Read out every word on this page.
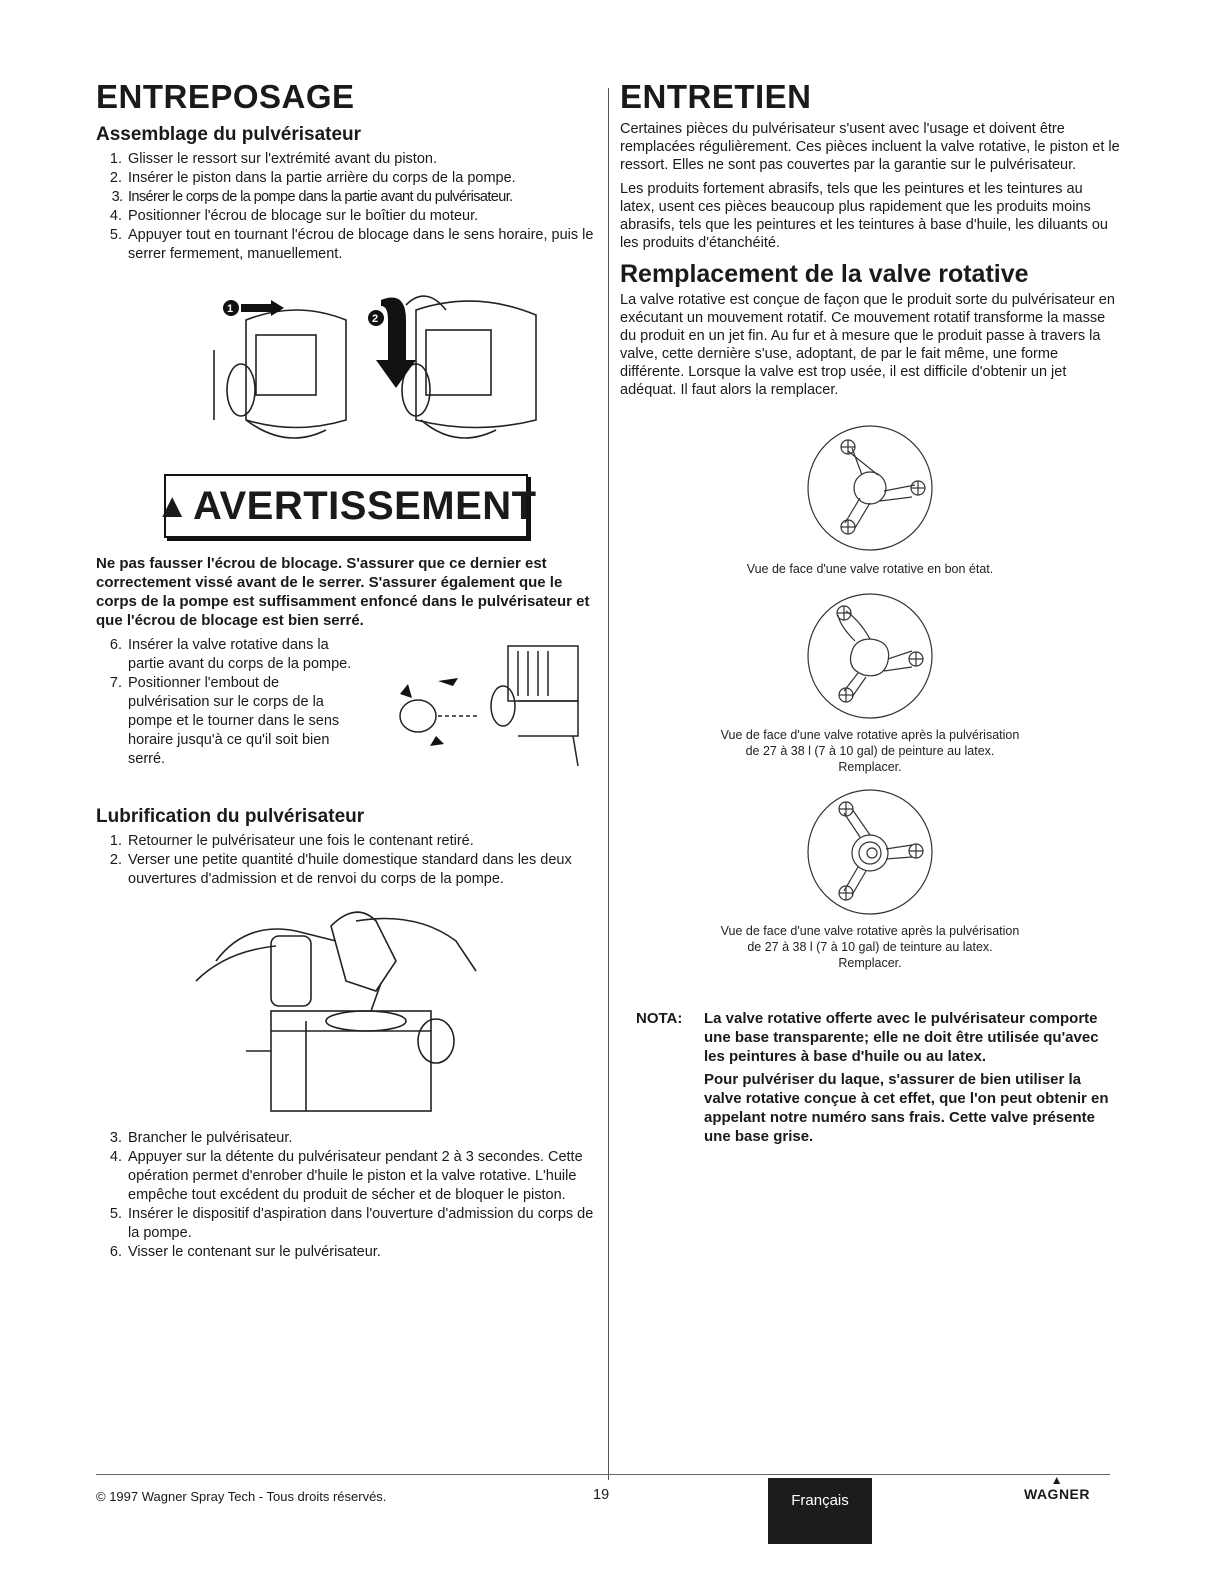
ENTREPOSAGE
Assemblage du pulvérisateur
1. Glisser le ressort sur l'extrémité avant du piston.
2. Insérer le piston dans la partie arrière du corps de la pompe.
3. Insérer le corps de la pompe dans la partie avant du pulvérisateur.
4. Positionner l'écrou de blocage sur le boîtier du moteur.
5. Appuyer tout en tournant l'écrou de blocage dans le sens horaire, puis le serrer fermement, manuellement.
1
2
▲ AVERTISSEMENT

Ne pas fausser l'écrou de blocage. S'assurer que ce dernier est correctement vissé avant de le serrer. S'assurer également que le corps de la pompe est suffisamment enfoncé dans le pulvérisateur et que l'écrou de blocage est bien serré.

6. Insérer la valve rotative dans la partie avant du corps de la pompe.
7. Positionner l'embout de pulvérisation sur le corps de la pompe et le tourner dans le sens horaire jusqu'à ce qu'il soit bien serré.
Lubrification du pulvérisateur
1. Retourner le pulvérisateur une fois le contenant retiré.
2. Verser une petite quantité d'huile domestique standard dans les deux ouvertures d'admission et de renvoi du corps de la pompe.
3. Brancher le pulvérisateur.
4. Appuyer sur la détente du pulvérisateur pendant 2 à 3 secondes. Cette opération permet d'enrober d'huile le piston et la valve rotative. L'huile empêche tout excédent du produit de sécher et de bloquer le piston.
5. Insérer le dispositif d'aspiration dans l'ouverture d'admission du corps de la pompe.
6. Visser le contenant sur le pulvérisateur.
ENTRETIEN

Certaines pièces du pulvérisateur s'usent avec l'usage et doivent être remplacées régulièrement. Ces pièces incluent la valve rotative, le piston et le ressort. Elles ne sont pas couvertes par la garantie sur le pulvérisateur.

Les produits fortement abrasifs, tels que les peintures et les teintures au latex, usent ces pièces beaucoup plus rapidement que les produits moins abrasifs, tels que les peintures et les teintures à base d'huile, les diluants ou les produits d'étanchéité.

Remplacement de la valve rotative

La valve rotative est conçue de façon que le produit sorte du pulvérisateur en exécutant un mouvement rotatif. Ce mouvement rotatif transforme la masse du produit en un jet fin. Au fur et à mesure que le produit passe à travers la valve, cette dernière s'use, adoptant, de par le fait même, une forme différente. Lorsque la valve est trop usée, il est difficile d'obtenir un jet adéquat. Il faut alors la remplacer.

Vue de face d'une valve rotative en bon état.
Vue de face d'une valve rotative après la pulvérisation
de 27 à 38 l (7 à 10 gal) de peinture au latex.
Remplacer.
Vue de face d'une valve rotative après la pulvérisation
de 27 à 38 l (7 à 10 gal) de teinture au latex.
Remplacer.
NOTA: La valve rotative offerte avec le pulvérisateur comporte une base transparente; elle ne doit être utilisée qu'avec les peintures à base d'huile ou au latex.
Pour pulvériser du laque, s'assurer de bien utiliser la valve rotative conçue à cet effet, que l'on peut obtenir en appelant notre numéro sans frais. Cette valve présente une base grise.
© 1997 Wagner Spray Tech - Tous droits réservés.	19	Français
▲
WAGNER
